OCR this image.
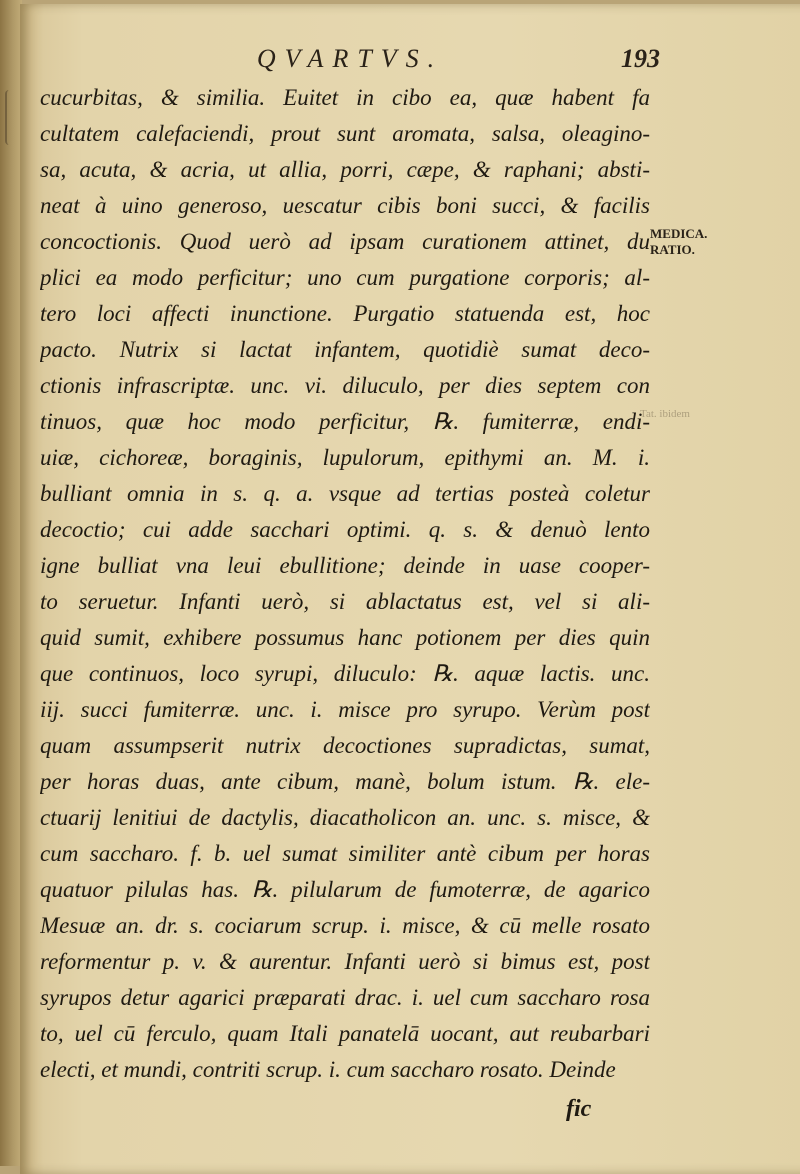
QVARTVS.	193
cucurbitas, & similia. Euitet in cibo ea, quæ habent fa
cultatem calefaciendi, prout sunt aromata, salsa, oleagino-
sa, acuta, & acria, ut allia, porri, cæpe, & raphani; absti-
neat à uino generoso, uescatur cibis boni succi, & facilis
concoctionis. Quod uerò ad ipsam curationem attinet, du
plici ea modo perficitur; uno cum purgatione corporis; al-
tero loci affecti inunctione. Purgatio statuenda est, hoc
pacto. Nutrix si lactat infantem, quotidiè sumat deco-
ctionis infrascriptæ. unc. vi. diluculo, per dies septem con
tinuos, quæ hoc modo perficitur, ℞. fumiterræ, endi-
uiæ, cichoreæ, boraginis, lupulorum, epithymi an. M. i.
bulliant omnia in s. q. a. vsque ad tertias posteà coletur
decoctio; cui adde sacchari optimi. q. s. & denuò lento
igne bulliat vna leui ebullitione; deinde in uase cooper-
to seruetur. Infanti uerò, si ablactatus est, vel si ali-
quid sumit, exhibere possumus hanc potionem per dies quin
que continuos, loco syrupi, diluculo: ℞. aquæ lactis. unc.
iij. succi fumiterræ. unc. i. misce pro syrupo. Verùm post
quam assumpserit nutrix decoctiones supradictas, sumat,
per horas duas, ante cibum, manè, bolum istum. ℞. ele-
ctuarij lenitiui de dactylis, diacatholicon an. unc. s. misce, &
cum saccharo. f. b. uel sumat similiter antè cibum per horas
quatuor pilulas has. ℞. pilularum de fumoterræ, de agarico
Mesuæ an. dr. s. cociarum scrup. i. misce, & cū melle rosato
reformentur p. v. & aurentur. Infanti uerò si bimus est, post
syrupos detur agarici præparati drac. i. uel cum saccharo rosa
to, uel cū ferculo, quam Itali panatelā uocant, aut reubarbari
electi, et mundi, contriti scrup. i. cum saccharo rosato. Deinde
MEDICA.
RATIO.
Tat. ibidem
fic
